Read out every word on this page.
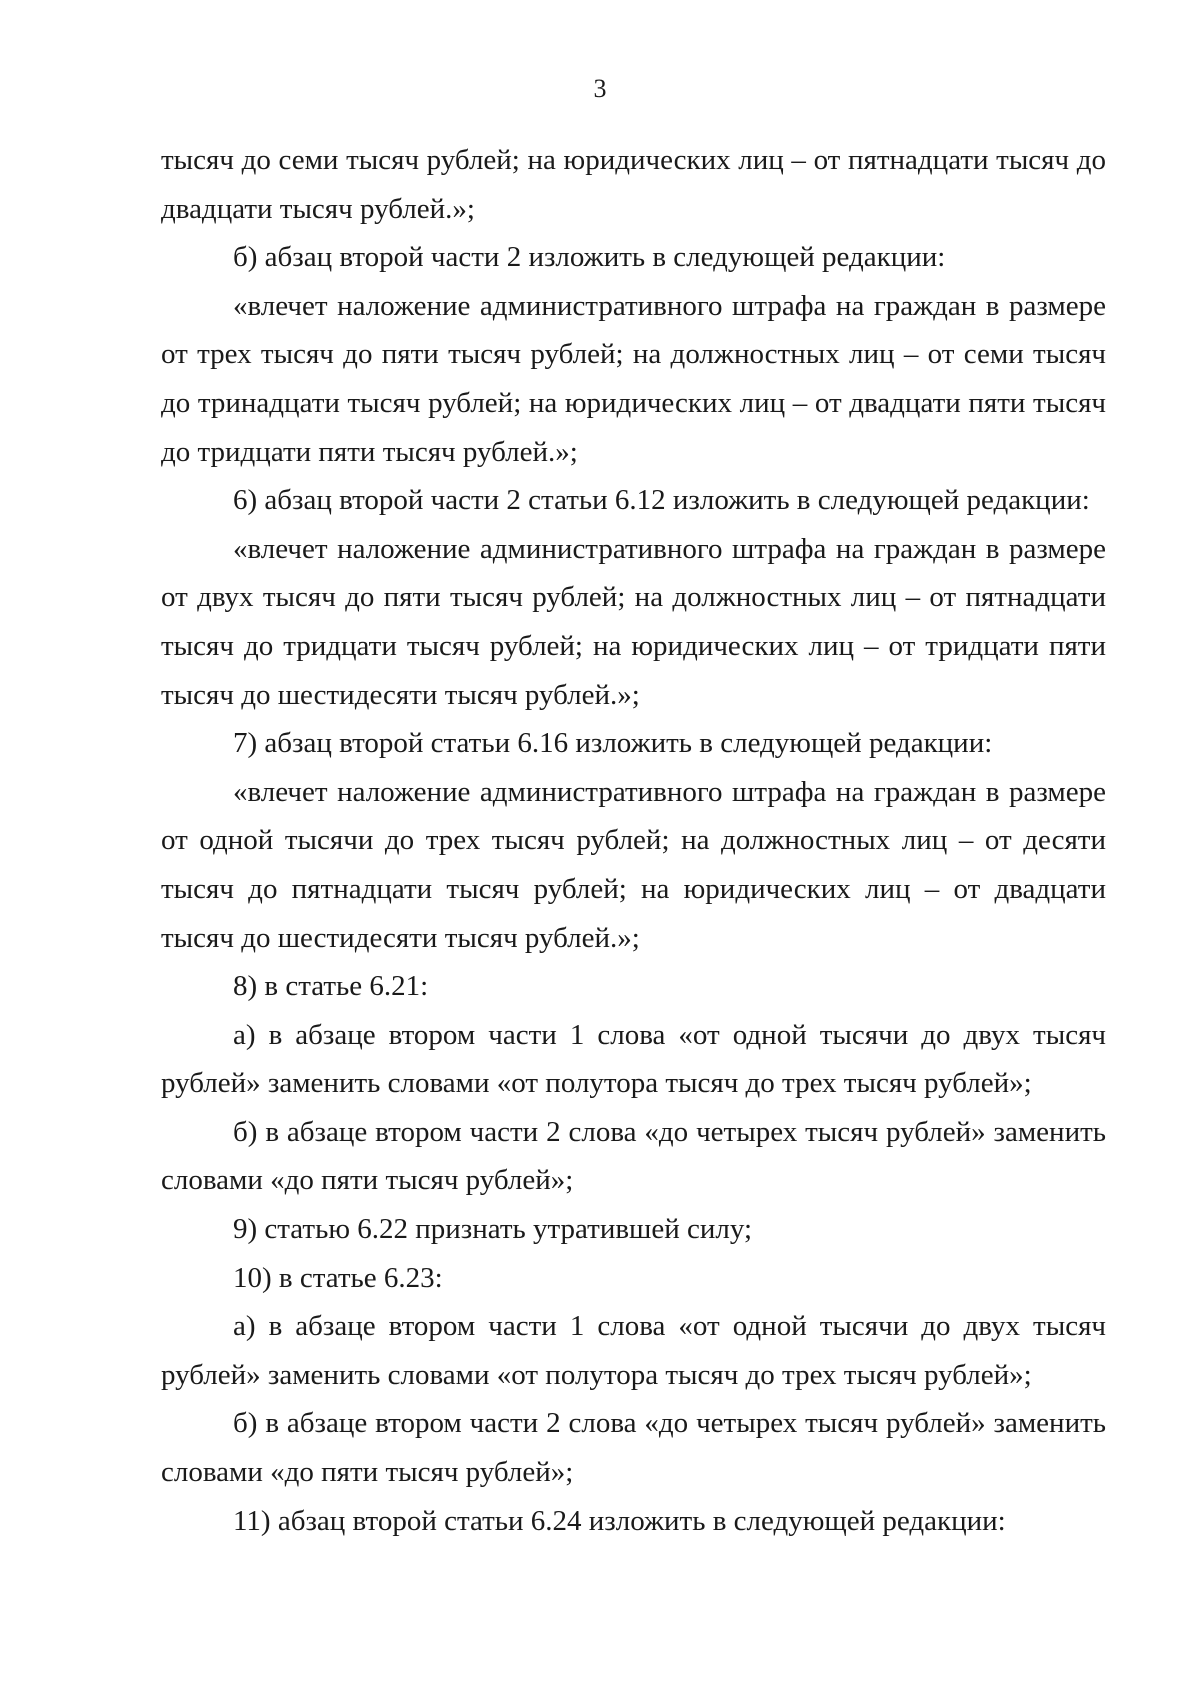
3

тысяч до семи тысяч рублей; на юридических лиц – от пятнадцати тысяч до двадцати тысяч рублей.»;

б) абзац второй части 2 изложить в следующей редакции:

«влечет наложение административного штрафа на граждан в размере от трех тысяч до пяти тысяч рублей; на должностных лиц – от семи тысяч до тринадцати тысяч рублей; на юридических лиц – от двадцати пяти тысяч до тридцати пяти тысяч рублей.»;

6) абзац второй части 2 статьи 6.12 изложить в следующей редакции:

«влечет наложение административного штрафа на граждан в размере от двух тысяч до пяти тысяч рублей; на должностных лиц – от пятнадцати тысяч до тридцати тысяч рублей; на юридических лиц – от тридцати пяти тысяч до шестидесяти тысяч рублей.»;

7) абзац второй статьи 6.16 изложить в следующей редакции:

«влечет наложение административного штрафа на граждан в размере от одной тысячи до трех тысяч рублей; на должностных лиц – от десяти тысяч до пятнадцати тысяч рублей; на юридических лиц – от двадцати тысяч до шестидесяти тысяч рублей.»;

8) в статье 6.21:

а) в абзаце втором части 1 слова «от одной тысячи до двух тысяч рублей» заменить словами «от полутора тысяч до трех тысяч рублей»;

б) в абзаце втором части 2 слова «до четырех тысяч рублей» заменить словами «до пяти тысяч рублей»;

9) статью 6.22 признать утратившей силу;

10) в статье 6.23:

а) в абзаце втором части 1 слова «от одной тысячи до двух тысяч рублей» заменить словами «от полутора тысяч до трех тысяч рублей»;

б) в абзаце втором части 2 слова «до четырех тысяч рублей» заменить словами «до пяти тысяч рублей»;

11) абзац второй статьи 6.24 изложить в следующей редакции:
